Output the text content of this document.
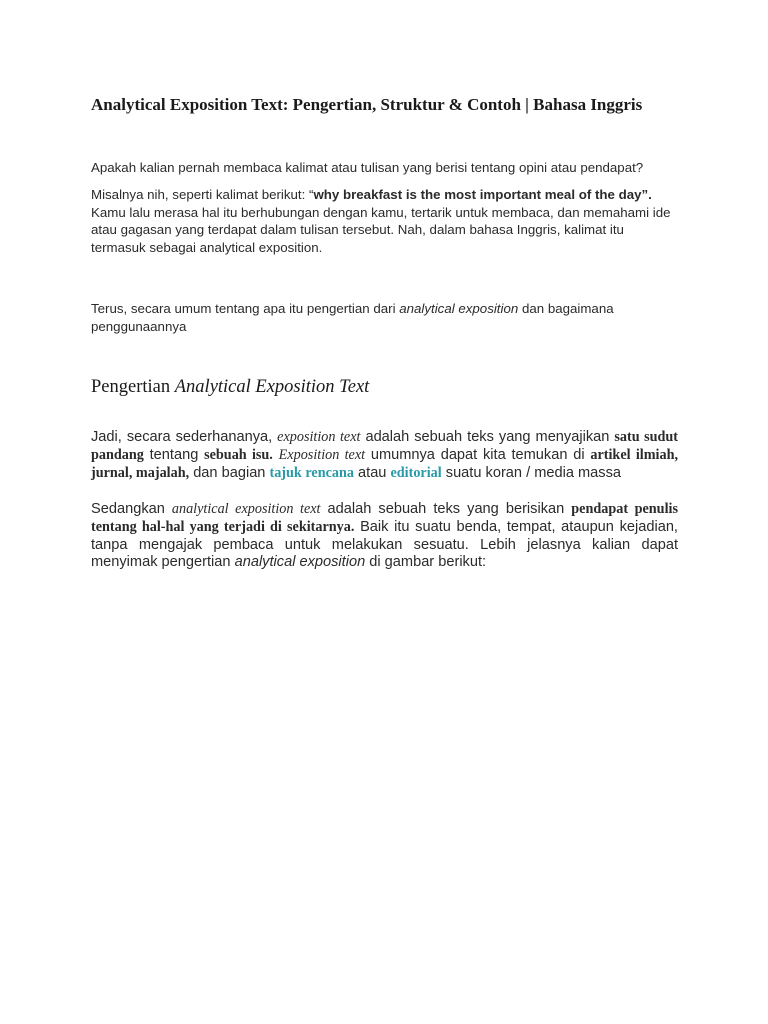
Analytical Exposition Text: Pengertian, Struktur & Contoh | Bahasa Inggris

Apakah kalian pernah membaca kalimat atau tulisan yang berisi tentang opini atau pendapat?

Misalnya nih, seperti kalimat berikut: “why breakfast is the most important meal of the day”. Kamu lalu merasa hal itu berhubungan dengan kamu, tertarik untuk membaca, dan memahami ide atau gagasan yang terdapat dalam tulisan tersebut. Nah, dalam bahasa Inggris, kalimat itu termasuk sebagai analytical exposition.

Terus, secara umum tentang apa itu pengertian dari analytical exposition dan bagaimana penggunaannya

Pengertian Analytical Exposition Text

Jadi, secara sederhananya, exposition text adalah sebuah teks yang menyajikan satu sudut pandang tentang sebuah isu. Exposition text umumnya dapat kita temukan di artikel ilmiah, jurnal, majalah, dan bagian tajuk rencana atau editorial suatu koran / media massa

Sedangkan analytical exposition text adalah sebuah teks yang berisikan pendapat penulis tentang hal-hal yang terjadi di sekitarnya. Baik itu suatu benda, tempat, ataupun kejadian, tanpa mengajak pembaca untuk melakukan sesuatu. Lebih jelasnya kalian dapat menyimak pengertian analytical exposition di gambar berikut:
